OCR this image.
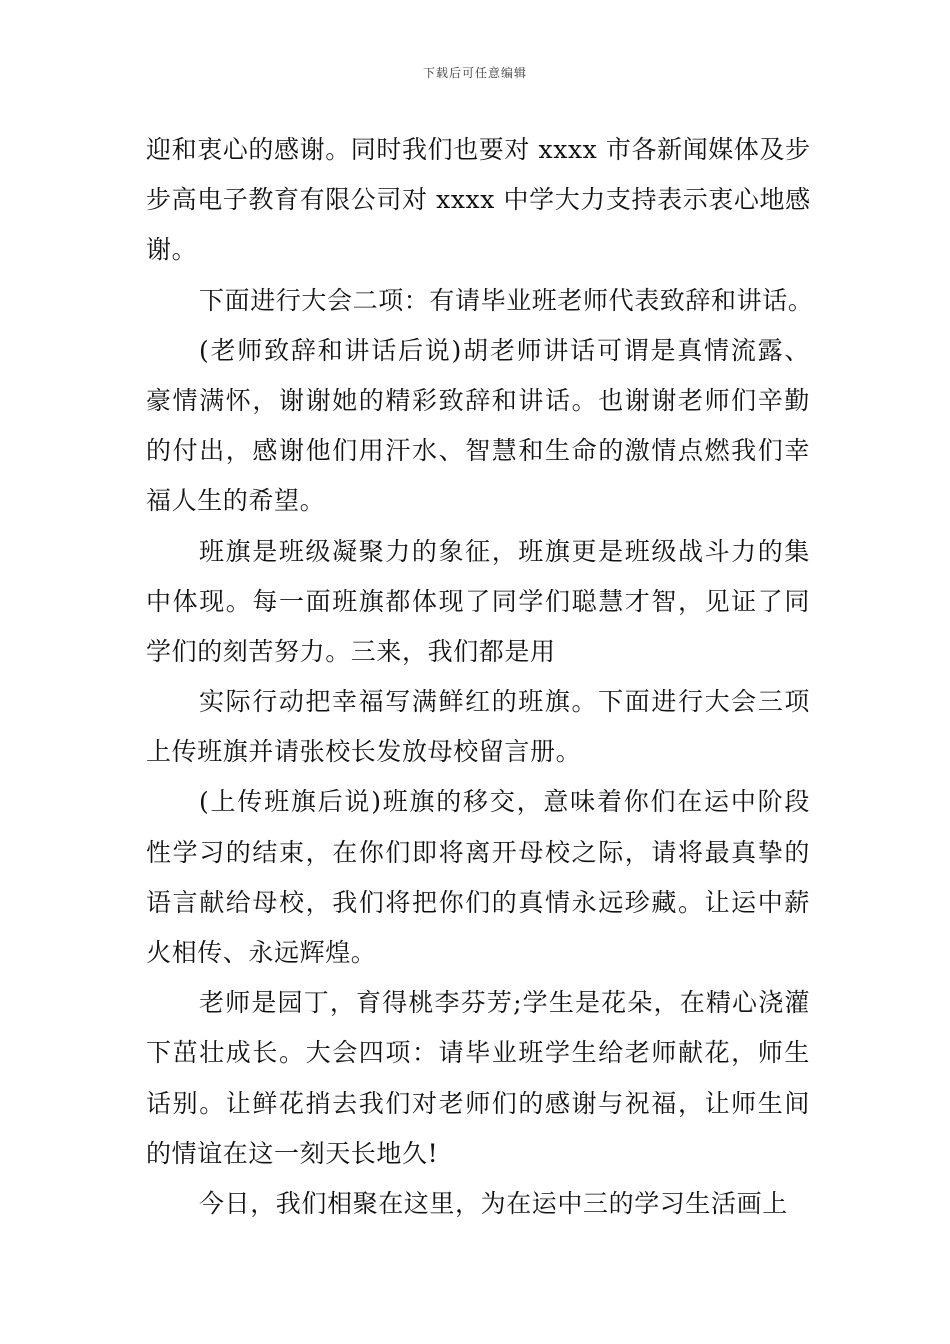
下载后可任意编辑
迎和衷心的感谢。同时我们也要对 xxxx 市各新闻媒体及步
步高电子教育有限公司对 xxxx 中学大力支持表示衷心地感
谢。
下面进行大会二项：有请毕业班老师代表致辞和讲话。
(老师致辞和讲话后说)胡老师讲话可谓是真情流露、
豪情满怀，谢谢她的精彩致辞和讲话。也谢谢老师们辛勤
的付出，感谢他们用汗水、智慧和生命的激情点燃我们幸
福人生的希望。
班旗是班级凝聚力的象征，班旗更是班级战斗力的集
中体现。每一面班旗都体现了同学们聪慧才智，见证了同
学们的刻苦努力。三来，我们都是用
实际行动把幸福写满鲜红的班旗。下面进行大会三项
上传班旗并请张校长发放母校留言册。
(上传班旗后说)班旗的移交，意味着你们在运中阶段
性学习的结束，在你们即将离开母校之际，请将最真挚的
语言献给母校，我们将把你们的真情永远珍藏。让运中薪
火相传、永远辉煌。
老师是园丁，育得桃李芬芳;学生是花朵，在精心浇灌
下茁壮成长。大会四项：请毕业班学生给老师献花，师生
话别。让鲜花捎去我们对老师们的感谢与祝福，让师生间
的情谊在这一刻天长地久!
今日，我们相聚在这里，为在运中三的学习生活画上
